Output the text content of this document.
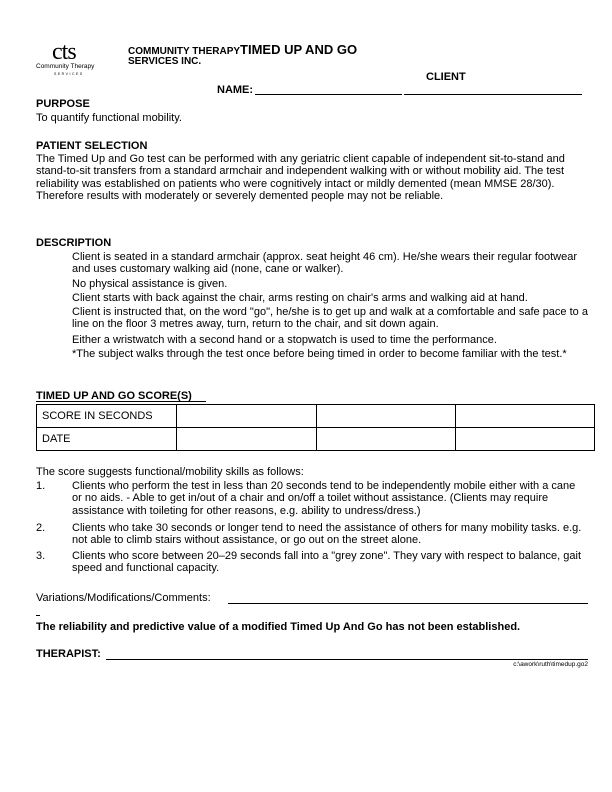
cts
Community Therapy
SERVICES
COMMUNITY THERAPYTIMED UP AND GO
SERVICES INC.
CLIENT
NAME:
PURPOSE
To quantify functional mobility.
PATIENT SELECTION
The Timed Up and Go test can be performed with any geriatric client capable of independent sit-to-stand and stand-to-sit transfers from a standard armchair and independent walking with or without mobility aid. The test reliability was established on patients who were cognitively intact or mildly demented (mean MMSE 28/30). Therefore results with moderately or severely demented people may not be reliable.
DESCRIPTION
Client is seated in a standard armchair (approx. seat height 46 cm). He/she wears their regular footwear and uses customary walking aid (none, cane or walker).
No physical assistance is given.
Client starts with back against the chair, arms resting on chair's arms and walking aid at hand.
Client is instructed that, on the word "go", he/she is to get up and walk at a comfortable and safe pace to a line on the floor 3 metres away, turn, return to the chair, and sit down again.
Either a wristwatch with a second hand or a stopwatch is used to time the performance.
*The subject walks through the test once before being timed in order to become familiar with the test.*
TIMED UP AND GO SCORE(S)
SCORE IN SECONDS			
DATE			
The score suggests functional/mobility skills as follows:
1.	Clients who perform the test in less than 20 seconds tend to be independently mobile either with a cane or no aids. - Able to get in/out of a chair and on/off a toilet without assistance. (Clients may require assistance with toileting for other reasons, e.g. ability to undress/dress.)
2.	Clients who take 30 seconds or longer tend to need the assistance of others for many mobility tasks. e.g. not able to climb stairs without assistance, or go out on the street alone.
3.	Clients who score between 20–29 seconds fall into a "grey zone". They vary with respect to balance, gait speed and functional capacity.
Variations/Modifications/Comments:
The reliability and predictive value of a modified Timed Up And Go has not been established.
THERAPIST:
c:\awork\ruth\timedup.go2
